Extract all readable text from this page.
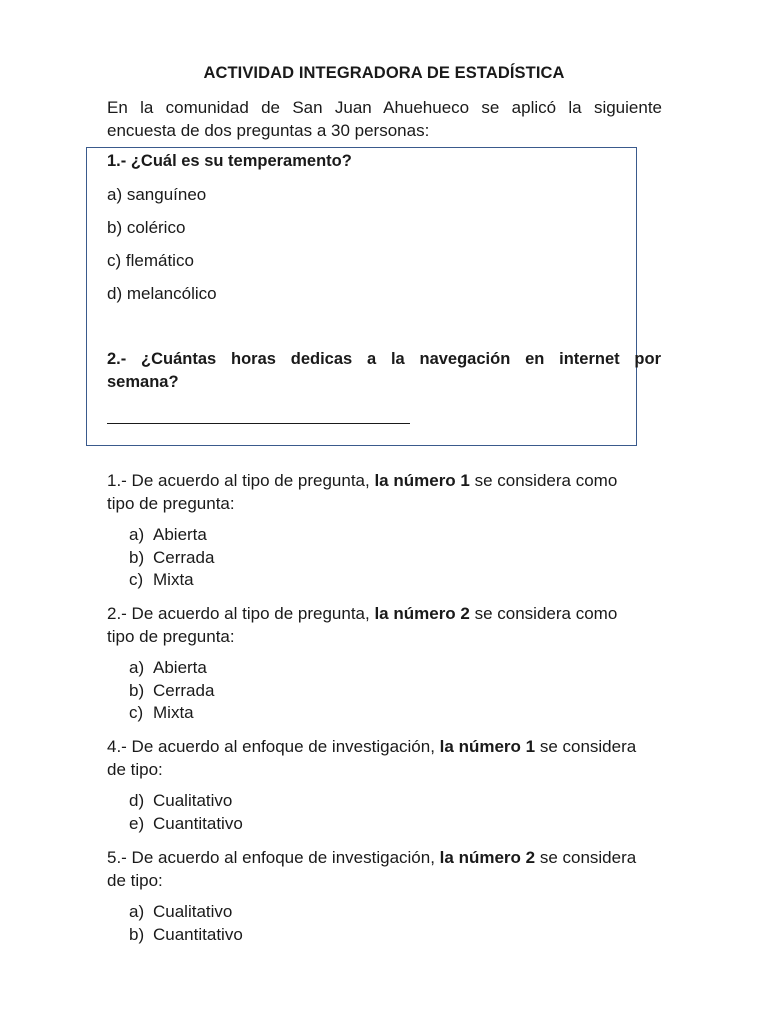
ACTIVIDAD INTEGRADORA DE ESTADÍSTICA
En la comunidad de San Juan Ahuehueco se aplicó la siguiente
encuesta de dos preguntas a 30 personas:
1.- ¿Cuál es su temperamento?
a) sanguíneo
b) colérico
c) flemático
d) melancólico
2.- ¿Cuántas horas dedicas a la navegación en internet por
semana?
1.- De acuerdo al tipo de pregunta, la número 1 se considera como
tipo de pregunta:
a) Abierta
b) Cerrada
c) Mixta
2.- De acuerdo al tipo de pregunta, la número 2 se considera como
tipo de pregunta:
a) Abierta
b) Cerrada
c) Mixta
4.- De acuerdo al enfoque de investigación, la número 1 se considera
de tipo:
d) Cualitativo
e) Cuantitativo
5.- De acuerdo al enfoque de investigación, la número 2 se considera
de tipo:
a) Cualitativo
b) Cuantitativo
